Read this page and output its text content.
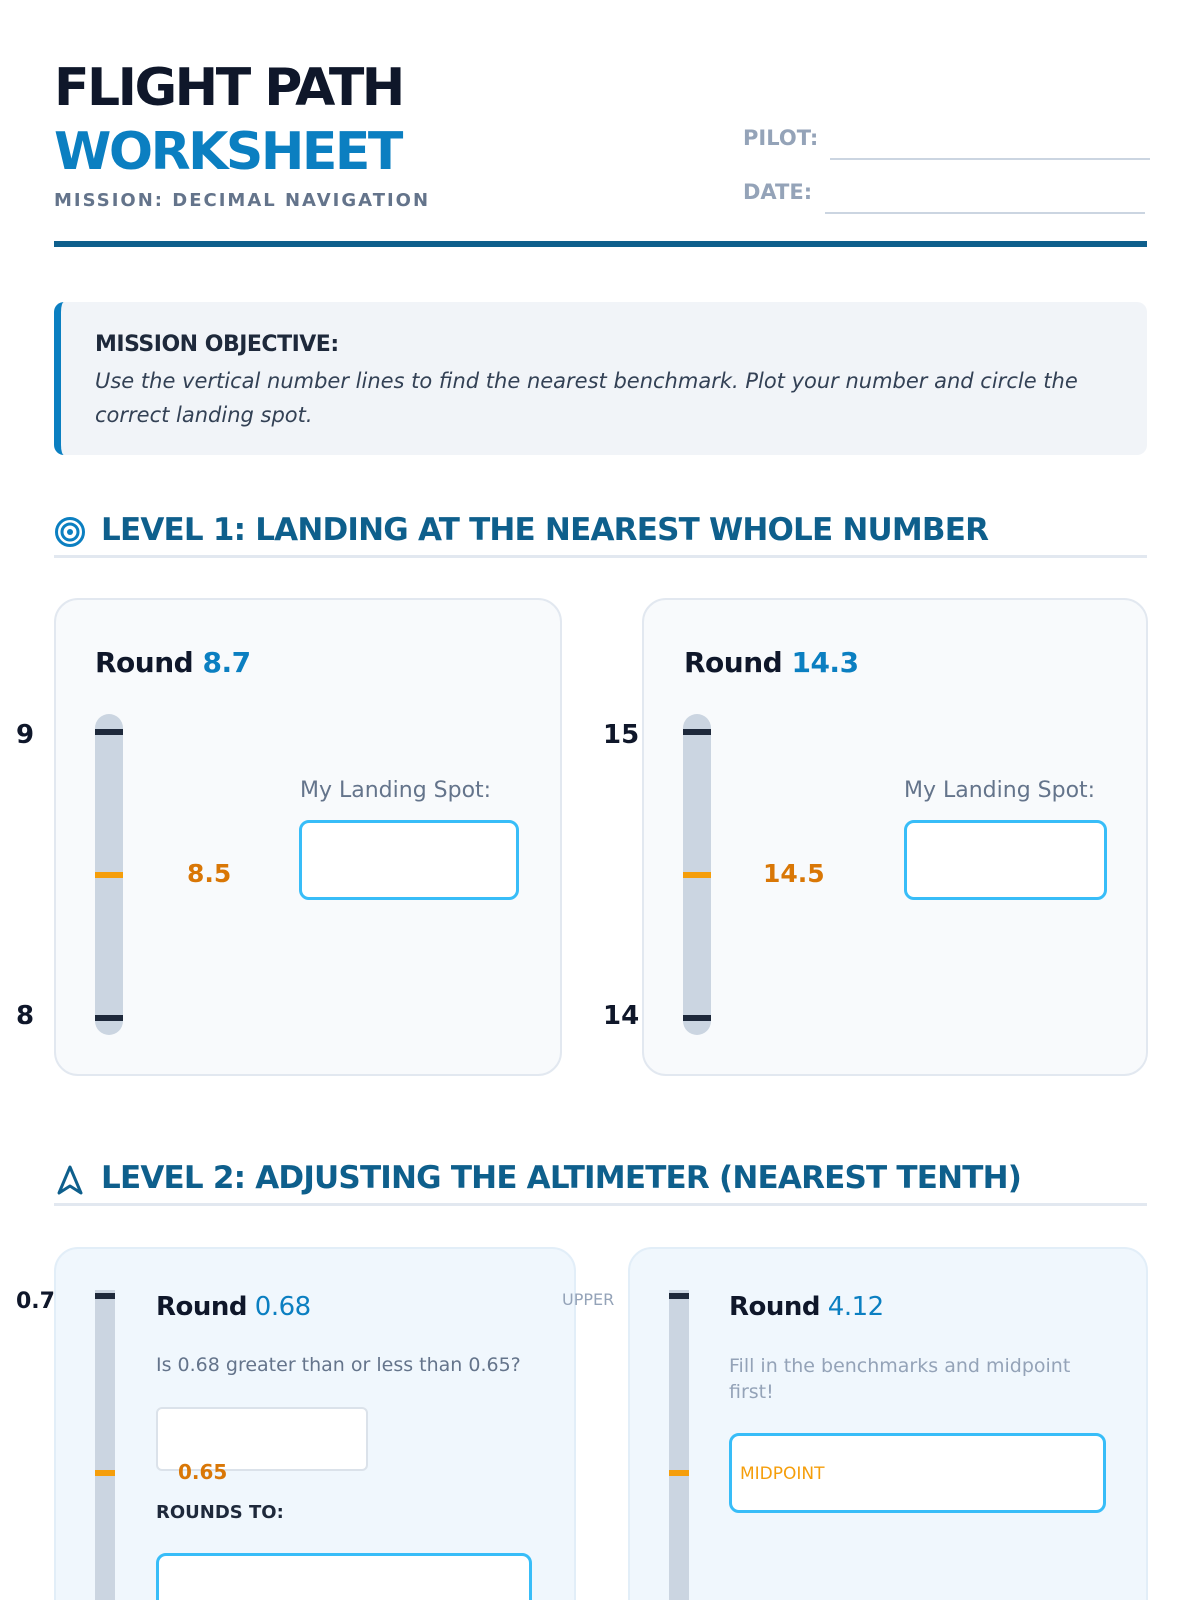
FLIGHT PATH
WORKSHEET
MISSION: DECIMAL NAVIGATION
PILOT:
DATE:
MISSION OBJECTIVE:
Use the vertical number lines to find the nearest benchmark. Plot your number and circle the correct landing spot.
LEVEL 1: LANDING AT THE NEAREST WHOLE NUMBER
Round 8.7
9
8.5
8
My Landing Spot:
Round 14.3
15
14.5
14
My Landing Spot:
LEVEL 2: ADJUSTING THE ALTIMETER (NEAREST TENTH)
0.7	Round 0.68
Is 0.68 greater than or less than 0.65?
0.65
ROUNDS TO:
UPPER	Round 4.12
Fill in the benchmarks and midpoint first!
MIDPOINT
